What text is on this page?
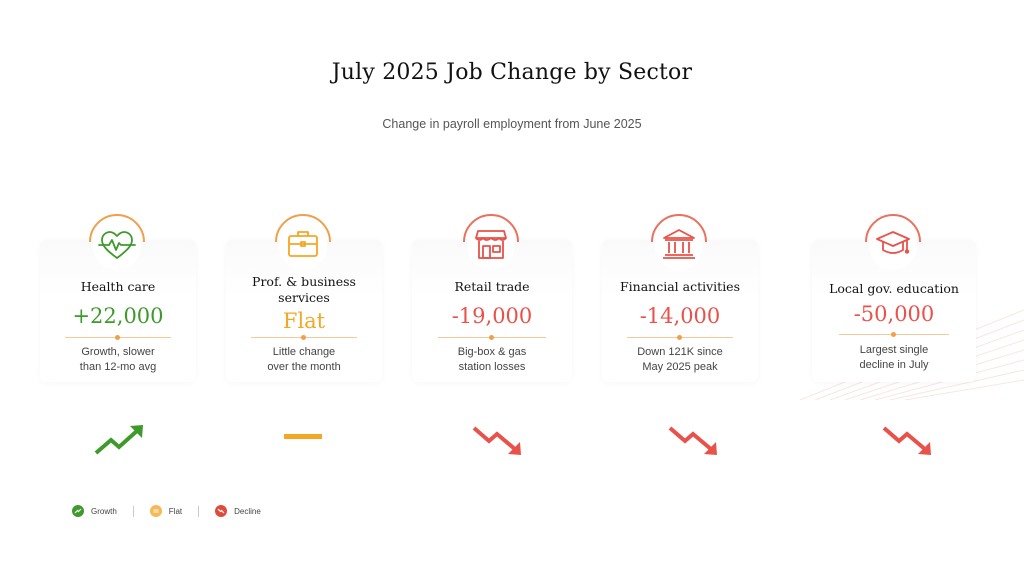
July 2025 Job Change by Sector
Change in payroll employment from June 2025
Health care
+22,000
Growth, slower
than 12-mo avg
Prof. & business
services
Flat
Little change
over the month
Retail trade
-19,000
Big-box & gas
station losses
Financial activities
-14,000
Down 121K since
May 2025 peak
Local gov. education
-50,000
Largest single
decline in July
Growth	Flat	Decline
